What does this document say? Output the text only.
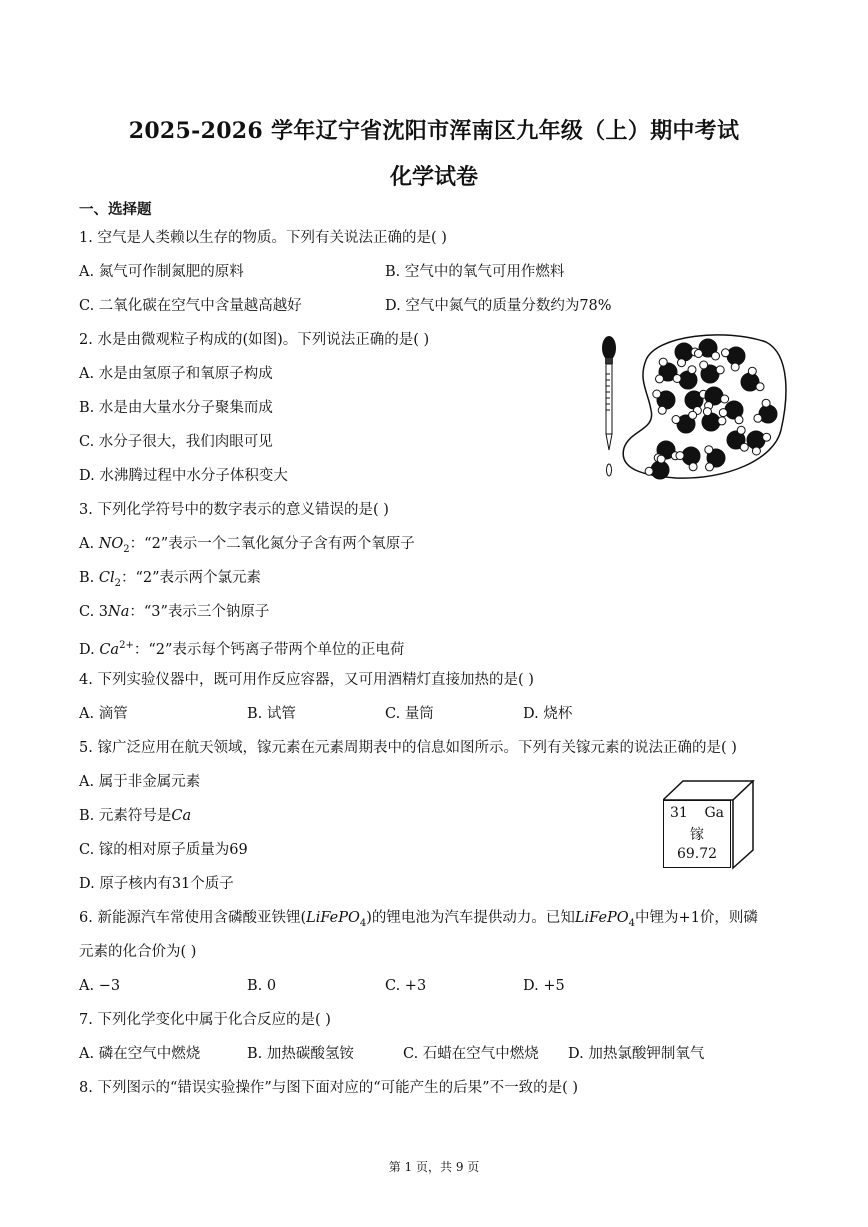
2025-2026 学年辽宁省沈阳市浑南区九年级（上）期中考试
化学试卷
一、选择题
1. 空气是人类赖以生存的物质。下列有关说法正确的是( )
A. 氮气可作制氮肥的原料	B. 空气中的氧气可用作燃料
C. 二氧化碳在空气中含量越高越好	D. 空气中氮气的质量分数约为78%
2. 水是由微观粒子构成的(如图)。下列说法正确的是( )
A. 水是由氢原子和氧原子构成
B. 水是由大量水分子聚集而成
C. 水分子很大，我们肉眼可见
D. 水沸腾过程中水分子体积变大
3. 下列化学符号中的数字表示的意义错误的是( )
A. $NO_2$：“2”表示一个二氧化氮分子含有两个氧原子
B. $Cl_2$：“2”表示两个氯元素
C. 3Na：“3”表示三个钠原子
D. $Ca^{2+}$：“2”表示每个钙离子带两个单位的正电荷
4. 下列实验仪器中，既可用作反应容器，又可用酒精灯直接加热的是( )
A. 滴管	B. 试管	C. 量筒	D. 烧杯
5. 镓广泛应用在航天领域，镓元素在元素周期表中的信息如图所示。下列有关镓元素的说法正确的是( )
A. 属于非金属元素
B. 元素符号是Ca
C. 镓的相对原子质量为69
D. 原子核内有31个质子
31 Ga
镓
69.72
6. 新能源汽车常使用含磷酸亚铁锂(LiFePO$_4$)的锂电池为汽车提供动力。已知LiFePO$_4$中锂为+1价，则磷
元素的化合价为( )
A. −3	B. 0	C. +3	D. +5
7. 下列化学变化中属于化合反应的是( )
A. 磷在空气中燃烧	B. 加热碳酸氢铵	C. 石蜡在空气中燃烧 D. 加热氯酸钾制氧气
8. 下列图示的“错误实验操作”与图下面对应的“可能产生的后果”不一致的是( )
第 1 页，共 9 页
